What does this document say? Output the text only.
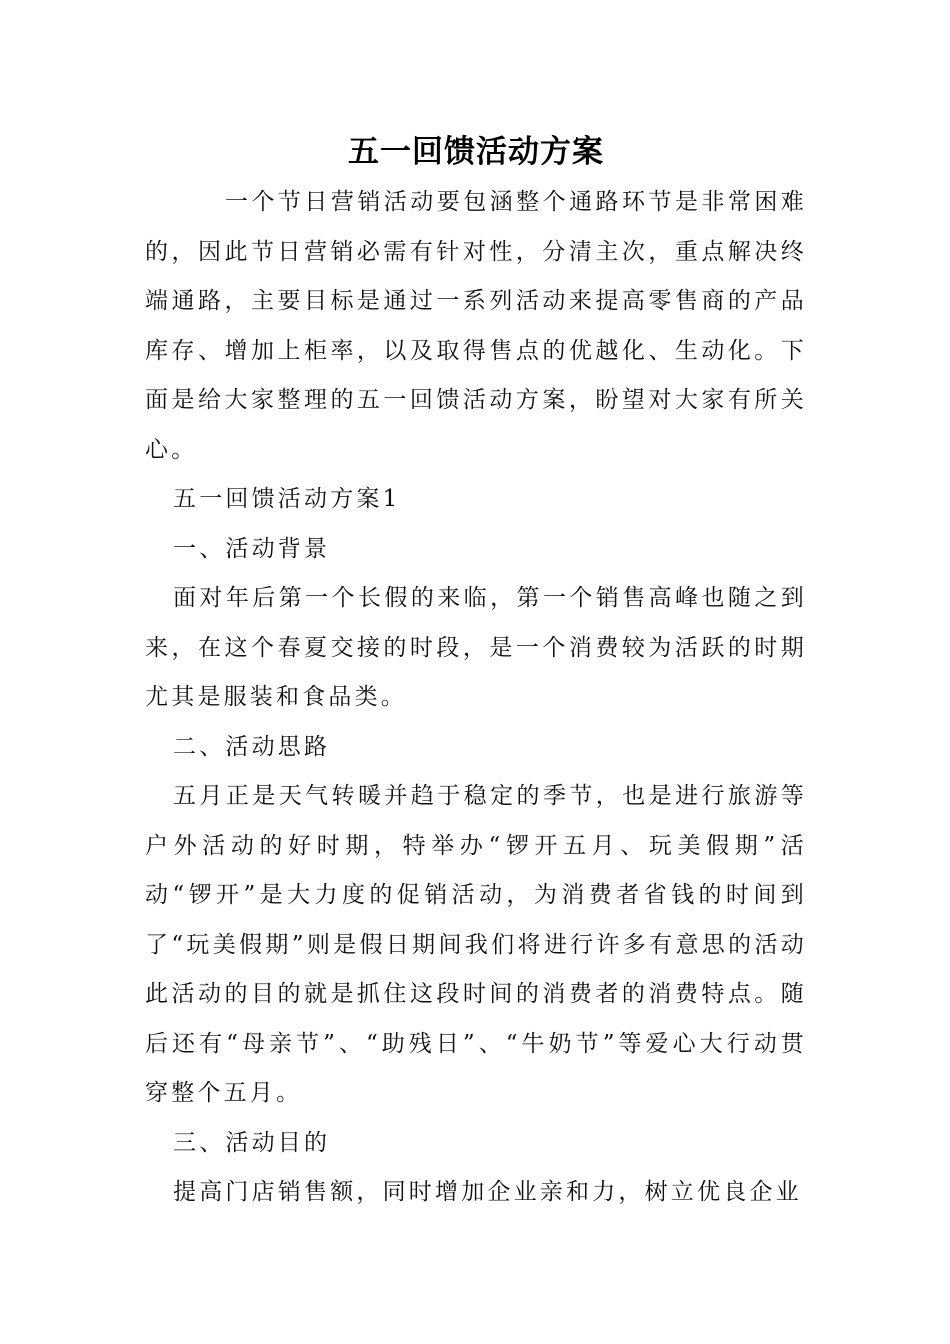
五一回馈活动方案

一个节日营销活动要包涵整个通路环节是非常困难的，因此节日营销必需有针对性，分清主次，重点解决终端通路，主要目标是通过一系列活动来提高零售商的产品库存、增加上柜率，以及取得售点的优越化、生动化。下面是给大家整理的五一回馈活动方案，盼望对大家有所关心。

五一回馈活动方案1

一、活动背景

面对年后第一个长假的来临，第一个销售高峰也随之到来，在这个春夏交接的时段，是一个消费较为活跃的时期尤其是服装和食品类。

二、活动思路

五月正是天气转暖并趋于稳定的季节，也是进行旅游等户外活动的好时期，特举办“锣开五月、玩美假期”活动“锣开”是大力度的促销活动，为消费者省钱的时间到了“玩美假期”则是假日期间我们将进行许多有意思的活动此活动的目的就是抓住这段时间的消费者的消费特点。随后还有“母亲节”、“助残日”、“牛奶节”等爱心大行动贯穿整个五月。

三、活动目的

提高门店销售额，同时增加企业亲和力，树立优良企业
